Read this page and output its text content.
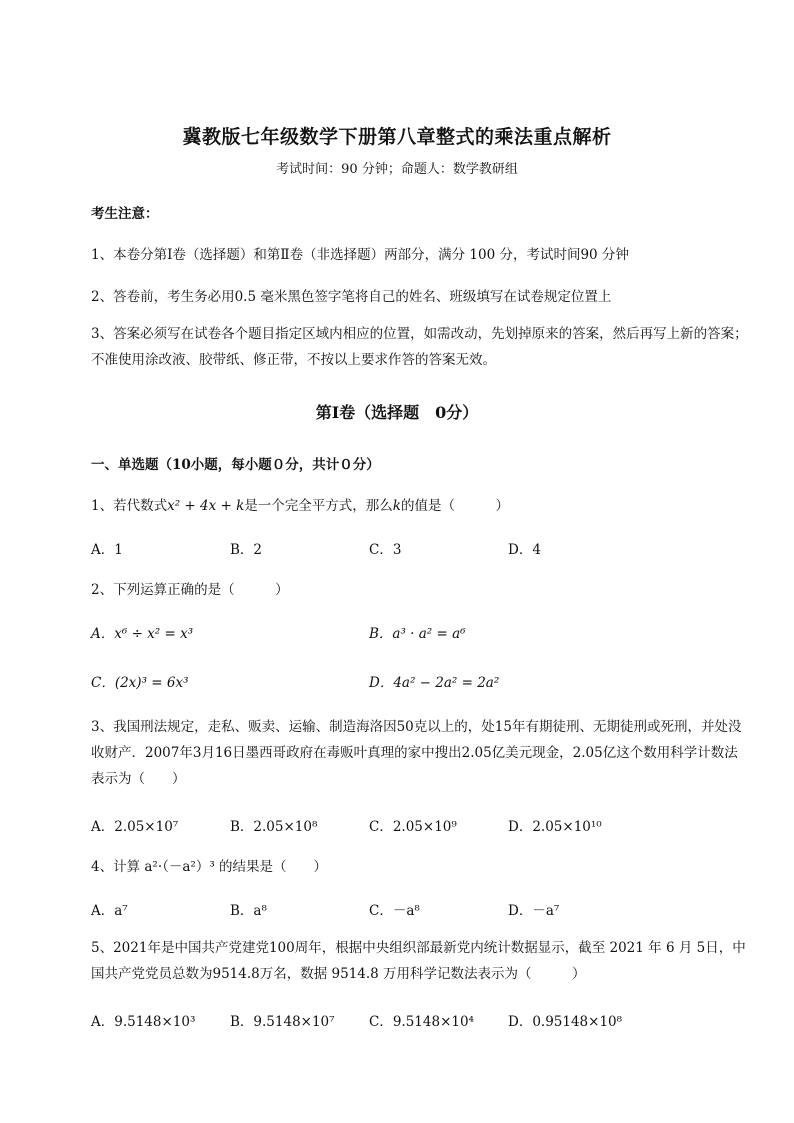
冀教版七年级数学下册第八章整式的乘法重点解析
考试时间：90 分钟；命题人：数学教研组
考生注意：
1、本卷分第Ⅰ卷（选择题）和第Ⅱ卷（非选择题）两部分，满分 100 分，考试时间90 分钟
2、答卷前，考生务必用0.5 毫米黑色签字笔将自己的姓名、班级填写在试卷规定位置上
3、答案必须写在试卷各个题目指定区域内相应的位置，如需改动，先划掉原来的答案，然后再写上新的答案；不准使用涂改液、胶带纸、修正带，不按以上要求作答的答案无效。
第Ⅰ卷（选择题　0分）
一、单选题（10小题，每小题０分，共计０分）
1、若代数式x² + 4x + k是一个完全平方式，那么k的值是（　　　）
A．1	B．2	C．3	D．4
2、下列运算正确的是（　　　）
A．x⁶ ÷ x² = x³	B．a³ · a² = a⁶
C．(2x)³ = 6x³	D．4a² − 2a² = 2a²
3、我国刑法规定，走私、贩卖、运输、制造海洛因50克以上的，处15年有期徒刑、无期徒刑或死刑，并处没收财产．2007年3月16日墨西哥政府在毒贩叶真理的家中搜出2.05亿美元现金，2.05亿这个数用科学计数法表示为（　　）
A．2.05×10⁷	B．2.05×10⁸	C．2.05×10⁹	D．2.05×10¹⁰
4、计算 a²·（－a²）³ 的结果是（　　）
A．a⁷	B．a⁸	C．－a⁸	D．－a⁷
5、2021年是中国共产党建党100周年，根据中央组织部最新党内统计数据显示，截至 2021 年 6 月 5日，中国共产党党员总数为9514.8万名，数据 9514.8 万用科学记数法表示为（　　　）
A．9.5148×10³	B．9.5148×10⁷	C．9.5148×10⁴	D．0.95148×10⁸
